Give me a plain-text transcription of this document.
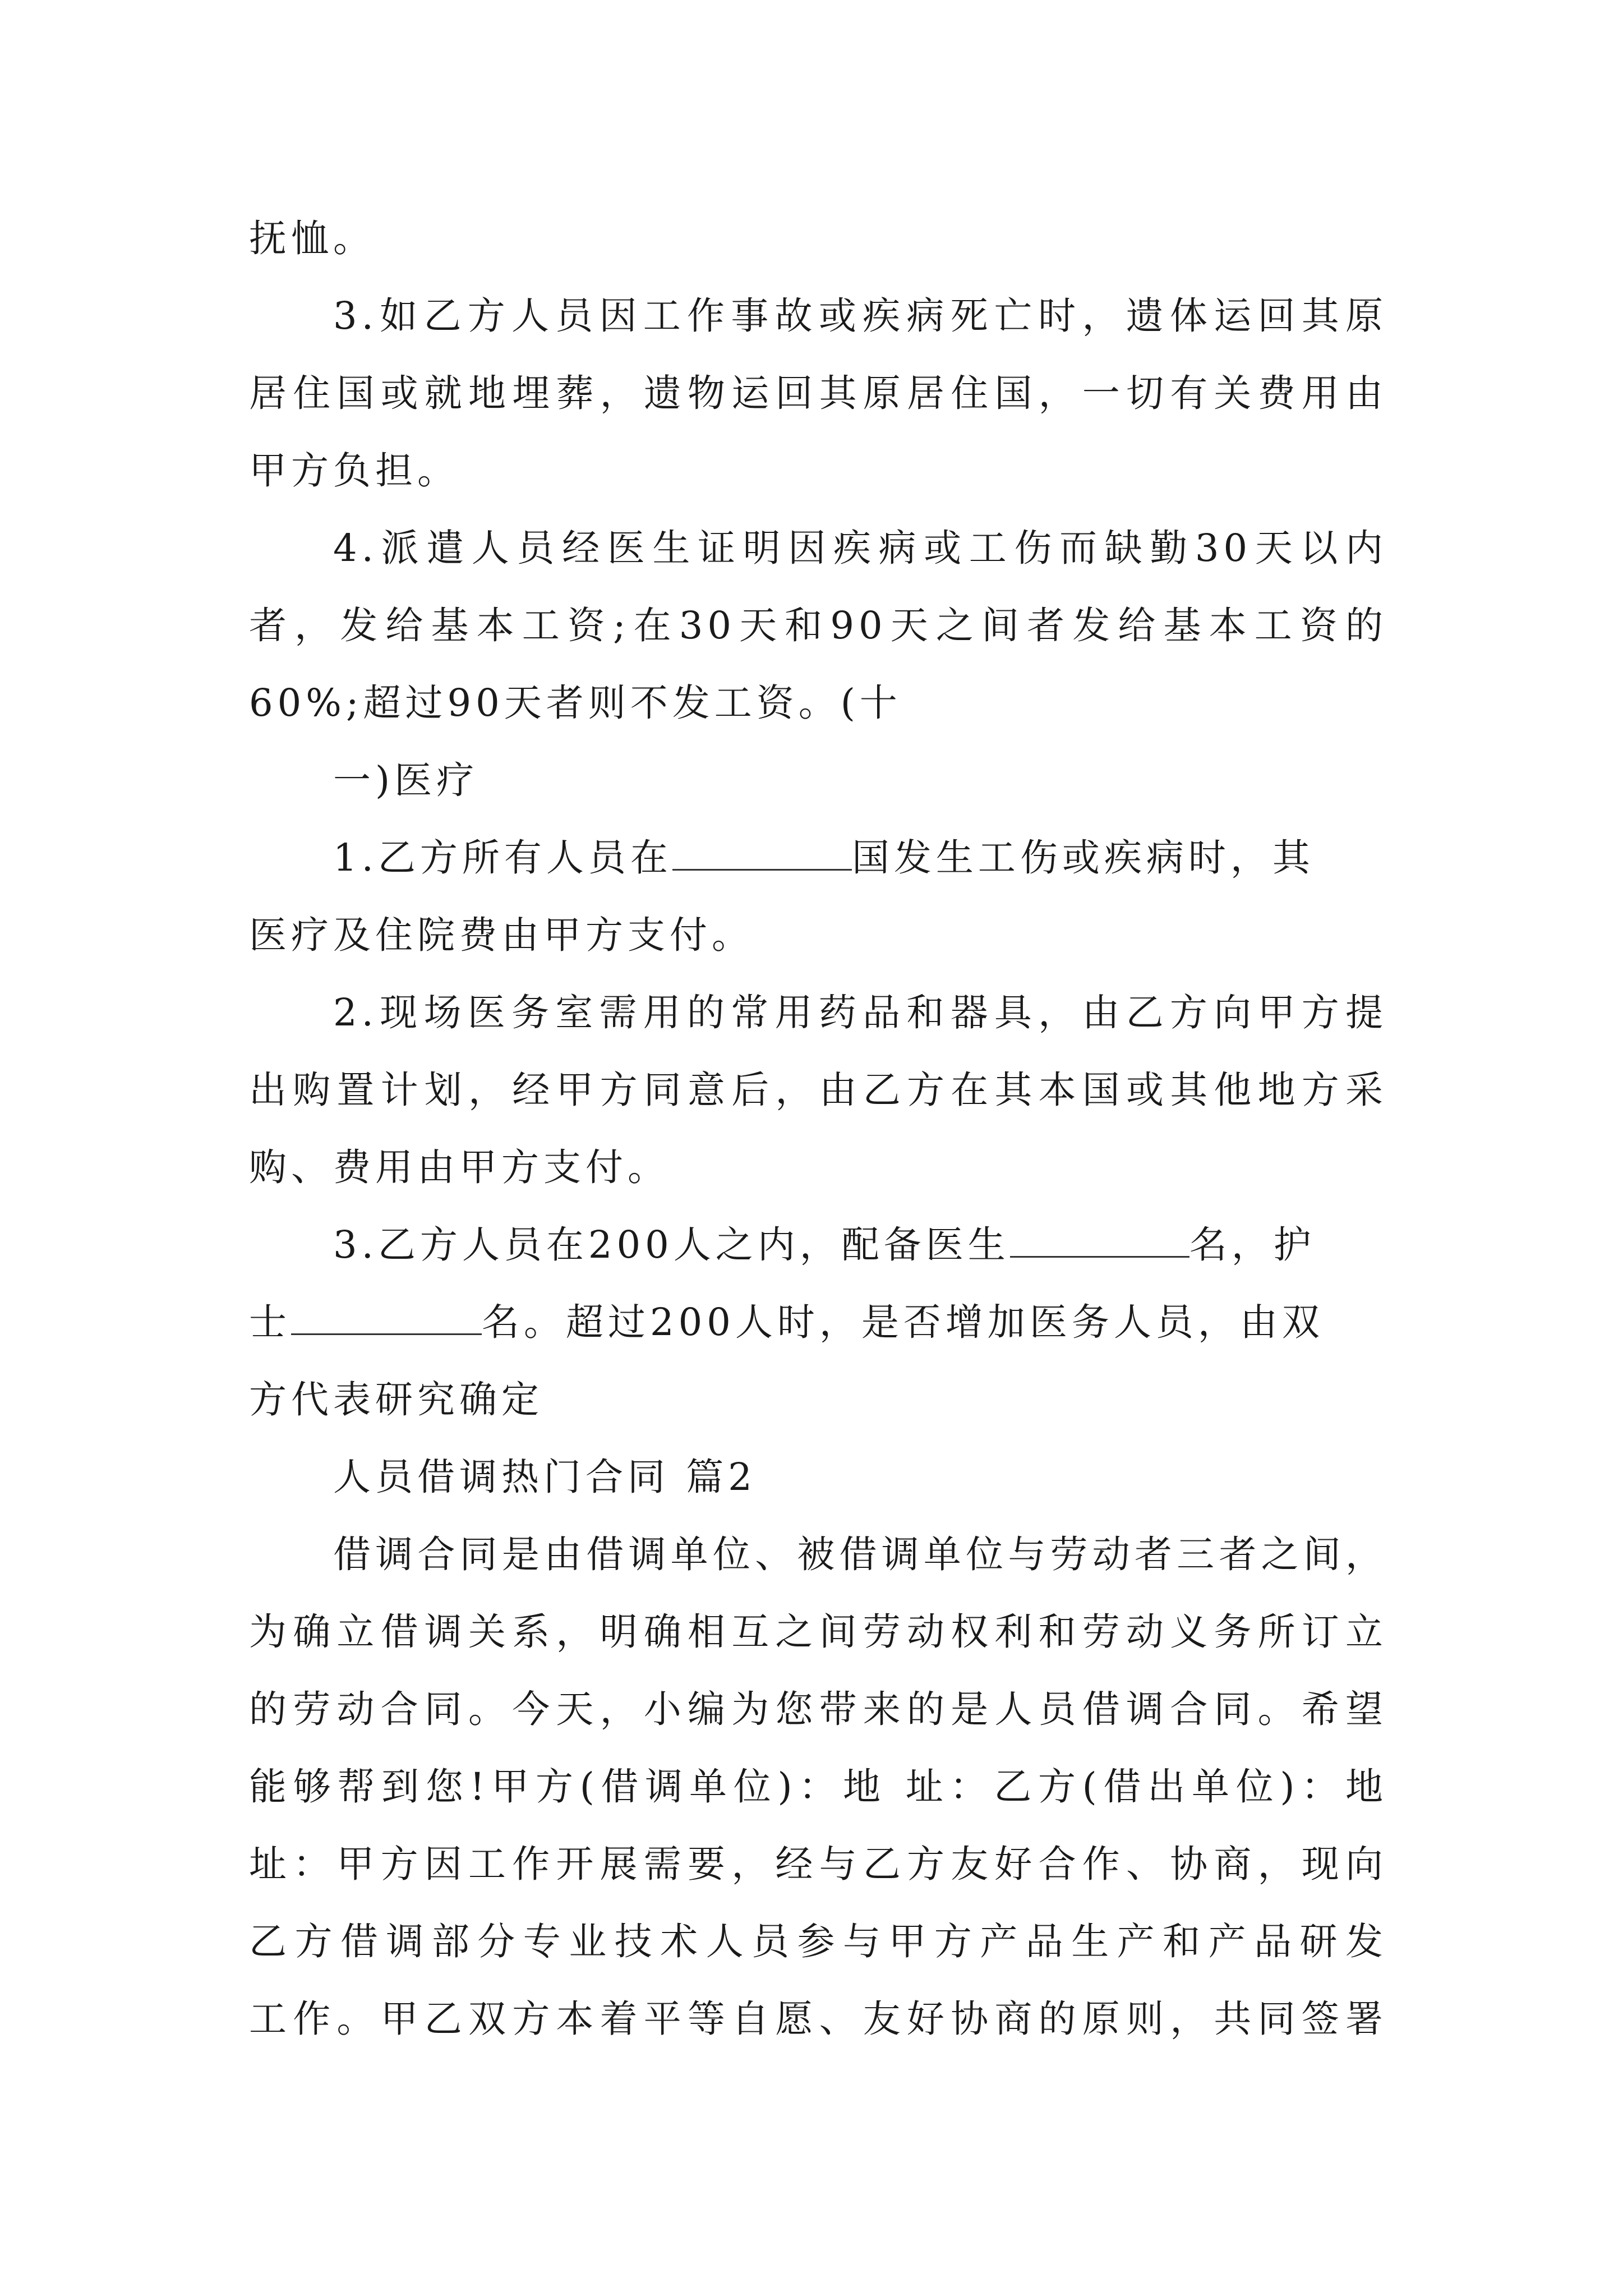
抚恤。
3.如乙方人员因工作事故或疾病死亡时，遗体运回其原
居住国或就地埋葬，遗物运回其原居住国，一切有关费用由
甲方负担。
4.派遣人员经医生证明因疾病或工伤而缺勤30天以内
者，发给基本工资;在30天和90天之间者发给基本工资的
60%;超过90天者则不发工资。(十
一)医疗
1.乙方所有人员在	国发生工伤或疾病时，其
医疗及住院费由甲方支付。
2.现场医务室需用的常用药品和器具，由乙方向甲方提
出购置计划，经甲方同意后，由乙方在其本国或其他地方采
购、费用由甲方支付。
3.乙方人员在200人之内，配备医生	名，护
士	名。超过200人时，是否增加医务人员，由双
方代表研究确定
人员借调热门合同 篇2
借调合同是由借调单位、被借调单位与劳动者三者之间，
为确立借调关系，明确相互之间劳动权利和劳动义务所订立
的劳动合同。今天，小编为您带来的是人员借调合同。希望
能够帮到您!甲方(借调单位)：地 址：乙方(借出单位)：地
址：甲方因工作开展需要，经与乙方友好合作、协商，现向
乙方借调部分专业技术人员参与甲方产品生产和产品研发
工作。甲乙双方本着平等自愿、友好协商的原则，共同签署
